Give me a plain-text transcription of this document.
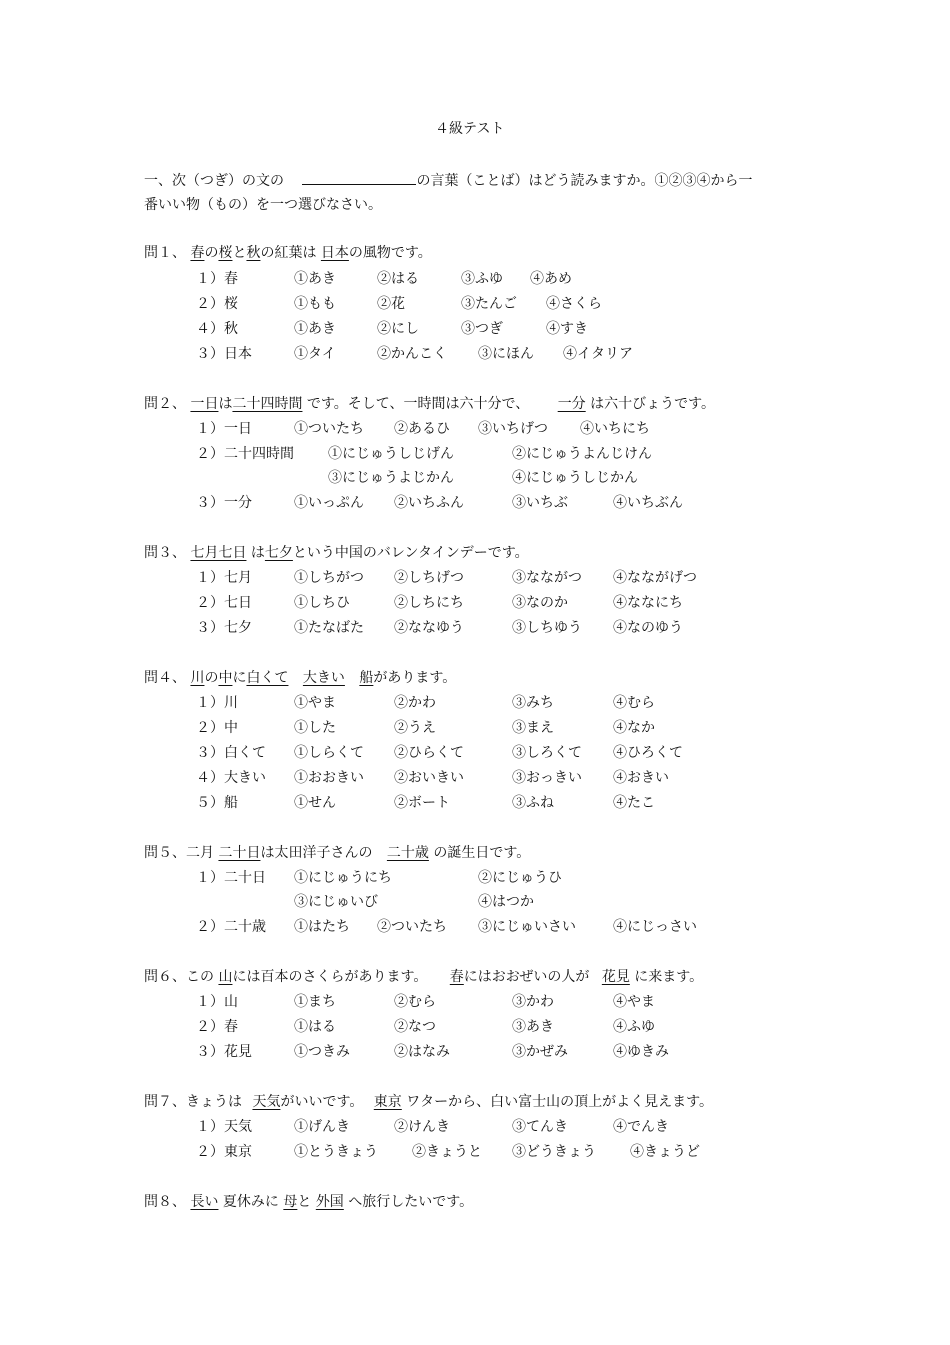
４級テスト
一、次（つぎ）の文の	の言葉（ことば）はどう読みますか。①②③④から一
番いい物（もの）を一つ選びなさい。
問１、 春の桜と秋の紅葉は 日本の風物です。
１）春	①あき	②はる	③ふゆ ④あめ
２）桜	①もも	②花	③たんご ④さくら
４）秋	①あき	②にし	③つぎ	④すき
３）日本	①タイ	②かんこく ③にほん ④イタリア
問２、 一日は二十四時間 です。そして、一時間は六十分で、 一分 は六十びょうです。
１）一日	①ついたち ②あるひ ③いちげつ ④いちにち
２）二十四時間 ①にじゅうしじげん	②にじゅうよんじけん
③にじゅうよじかん	④にじゅうしじかん
３）一分	①いっぷん ②いちふん	③いちぶ	④いちぶん
問３、 七月七日 は七夕という中国のバレンタインデーです。
１）七月	①しちがつ ②しちげつ	③なながつ ④なながげつ
２）七日	①しちひ	②しちにち	③なのか	④ななにち
３）七夕	①たなばた ②ななゆう	③しちゆう ④なのゆう
問４、 川の中に白くて 大きい 船があります。
１）川	①やま	②かわ	③みち	④むら
２）中	①した	②うえ	③まえ	④なか
３）白くて ①しらくて ②ひらくて	③しろくて ④ひろくて
４）大きい ①おおきい ②おいきい	③おっきい ④おきい
５）船	①せん	②ボート	③ふね	④たこ
問５、二月 二十日は太田洋子さんの 二十歳 の誕生日です。
１）二十日 ①にじゅうにち	②にじゅうひ
③にじゅいび	④はつか
２）二十歳 ①はたち ②ついたち ③にじゅいさい	④にじっさい
問６、この 山には百本のさくらがあります。 春にはおおぜいの人が 花見 に来ます。
１）山	①まち	②むら	③かわ	④やま
２）春	①はる	②なつ	③あき	④ふゆ
３）花見	①つきみ	②はなみ	③かぜみ	④ゆきみ
問７、きょうは 天気がいいです。 東京 ワターから、白い富士山の頂上がよく見えます。
１）天気	①げんき	②けんき	③てんき	④でんき
２）東京	①とうきょう ②きょうと ③どうきょう ④きょうど
問８、 長い 夏休みに 母と 外国 へ旅行したいです。
